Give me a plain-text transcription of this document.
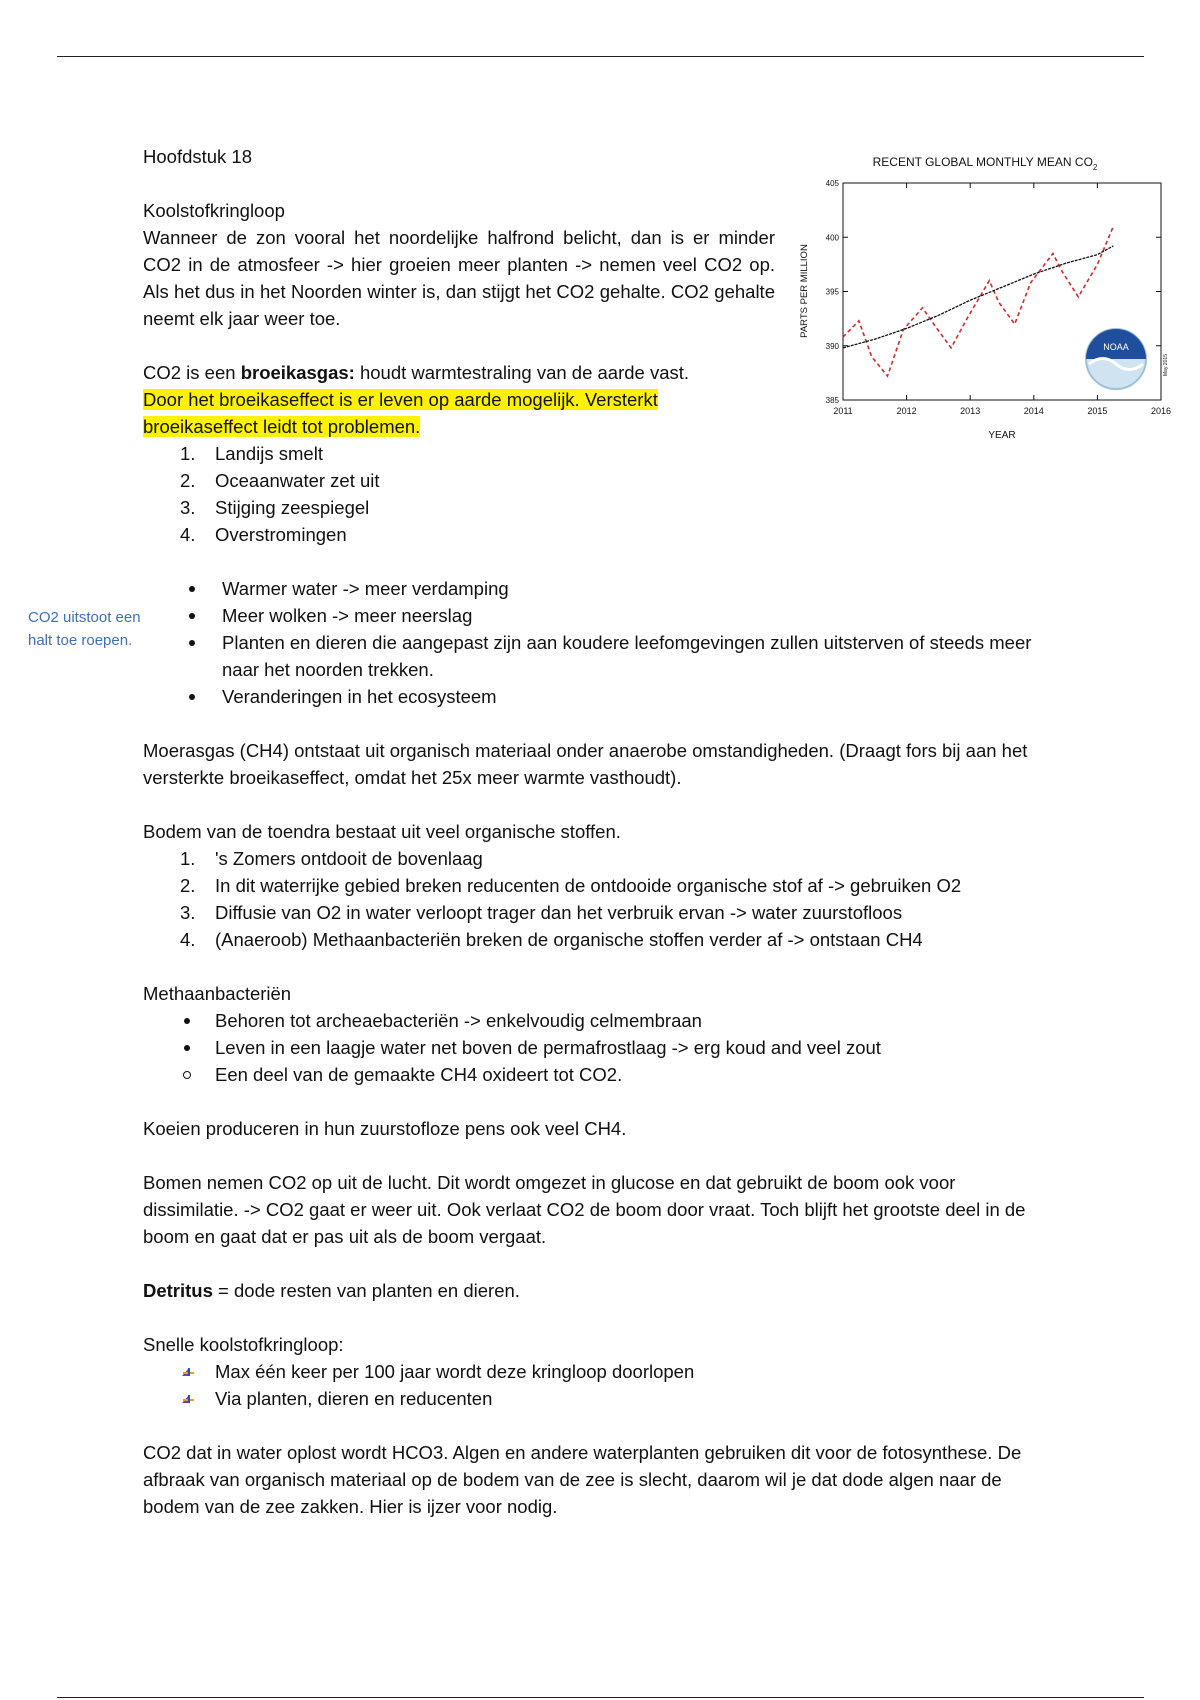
CO2 uitstoot een halt toe roepen.

Hoofdstuk 18

Koolstofkringloop

Wanneer de zon vooral het noordelijke halfrond belicht, dan is er minder CO2 in de atmosfeer -> hier groeien meer planten -> nemen veel CO2 op. Als het dus in het Noorden winter is, dan stijgt het CO2 gehalte. CO2 gehalte neemt elk jaar weer toe.

CO2 is een broeikasgas: houdt warmtestraling van de aarde vast.

Door het broeikaseffect is er leven op aarde mogelijk. Versterkt
broeikaseffect leidt tot problemen.

1.	Landijs smelt
2.	Oceaanwater zet uit
3.	Stijging zeespiegel
4.	Overstromingen
Warmer water -> meer verdamping
Meer wolken -> meer neerslag
Planten en dieren die aangepast zijn aan koudere leefomgevingen zullen uitsterven of steeds meer naar het noorden trekken.
Veranderingen in het ecosysteem

Moerasgas (CH4) ontstaat uit organisch materiaal onder anaerobe omstandigheden. (Draagt fors bij aan het versterkte broeikaseffect, omdat het 25x meer warmte vasthoudt).

Bodem van de toendra bestaat uit veel organische stoffen.

1.	's Zomers ontdooit de bovenlaag
2.	In dit waterrijke gebied breken reducenten de ontdooide organische stof af -> gebruiken O2
3.	Diffusie van O2 in water verloopt trager dan het verbruik ervan -> water zuurstofloos
4.	(Anaeroob) Methaanbacteriën breken de organische stoffen verder af -> ontstaan CH4

Methaanbacteriën

Behoren tot archeaebacteriën -> enkelvoudig celmembraan
Leven in een laagje water net boven de permafrostlaag -> erg koud and veel zout
Een deel van de gemaakte CH4 oxideert tot CO2.

Koeien produceren in hun zuurstofloze pens ook veel CH4.

Bomen nemen CO2 op uit de lucht. Dit wordt omgezet in glucose en dat gebruikt de boom ook voor dissimilatie. -> CO2 gaat er weer uit. Ook verlaat CO2 de boom door vraat. Toch blijft het grootste deel in de boom en gaat dat er pas uit als de boom vergaat.

Detritus = dode resten van planten en dieren.

Snelle koolstofkringloop:

Max één keer per 100 jaar wordt deze kringloop doorlopen
Via planten, dieren en reducenten

CO2 dat in water oplost wordt HCO3. Algen en andere waterplanten gebruiken dit voor de fotosynthese. De afbraak van organisch materiaal op de bodem van de zee is slecht, daarom wil je dat dode algen naar de bodem van de zee zakken. Hier is ijzer voor nodig.

RECENT GLOBAL MONTHLY MEAN $CO_2$
385
390
395
400
405
2011	2012	2013	2014	2015	2016
PARTS PER MILLION
YEAR
NOAA
May 2015
